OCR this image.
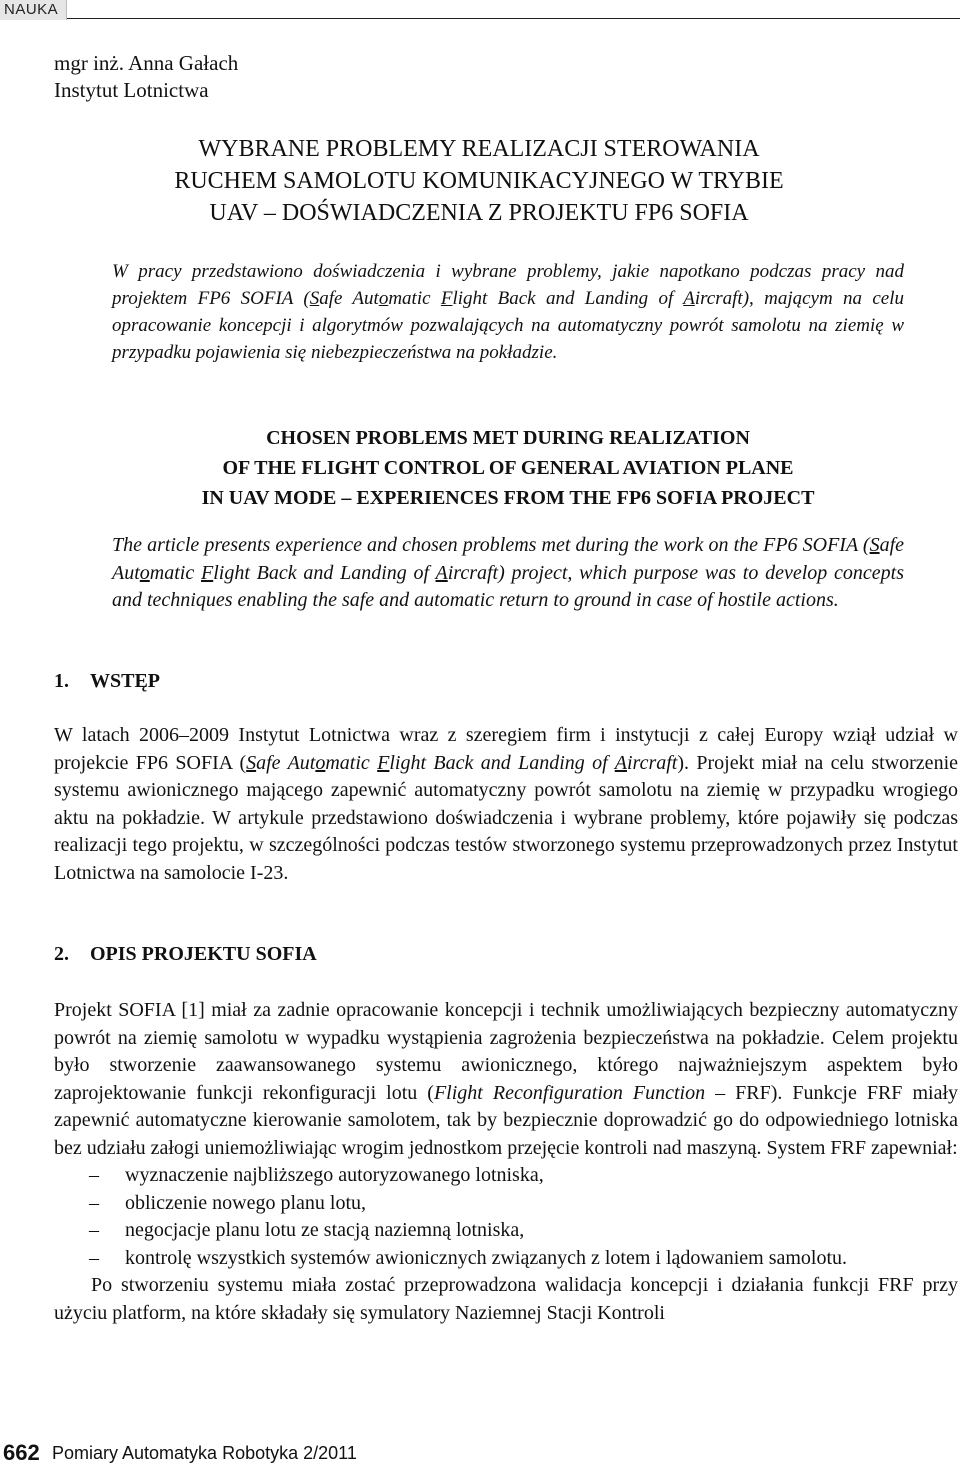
NAUKA
mgr inż. Anna Gałach
Instytut Lotnictwa
WYBRANE PROBLEMY REALIZACJI STEROWANIA
RUCHEM SAMOLOTU KOMUNIKACYJNEGO W TRYBIE
UAV – DOŚWIADCZENIA Z PROJEKTU FP6 SOFIA
W pracy przedstawiono doświadczenia i wybrane problemy, jakie napotkano podczas pracy nad projektem FP6 SOFIA (Safe Automatic Flight Back and Landing of Aircraft), mającym na celu opracowanie koncepcji i algorytmów pozwalających na automatyczny powrót samolotu na ziemię w przypadku pojawienia się niebezpieczeństwa na pokładzie.
CHOSEN PROBLEMS MET DURING REALIZATION
OF THE FLIGHT CONTROL OF GENERAL AVIATION PLANE
IN UAV MODE – EXPERIENCES FROM THE FP6 SOFIA PROJECT
The article presents experience and chosen problems met during the work on the FP6 SOFIA (Safe Automatic Flight Back and Landing of Aircraft) project, which purpose was to develop concepts and techniques enabling the safe and automatic return to ground in case of hostile actions.
1. WSTĘP
W latach 2006–2009 Instytut Lotnictwa wraz z szeregiem firm i instytucji z całej Europy wziął udział w projekcie FP6 SOFIA (Safe Automatic Flight Back and Landing of Aircraft). Projekt miał na celu stworzenie systemu awionicznego mającego zapewnić automatyczny powrót samolotu na ziemię w przypadku wrogiego aktu na pokładzie. W artykule przedstawiono doświadczenia i wybrane problemy, które pojawiły się podczas realizacji tego projektu, w szczególności podczas testów stworzonego systemu przeprowadzonych przez Instytut Lotnictwa na samolocie I-23.
2. OPIS PROJEKTU SOFIA

Projekt SOFIA [1] miał za zadnie opracowanie koncepcji i technik umożliwiających bezpieczny automatyczny powrót na ziemię samolotu w wypadku wystąpienia zagrożenia bezpieczeństwa na pokładzie. Celem projektu było stworzenie zaawansowanego systemu awionicznego, którego najważniejszym aspektem było zaprojektowanie funkcji rekonfiguracji lotu (Flight Reconfiguration Function – FRF). Funkcje FRF miały zapewnić automatyczne kierowanie samolotem, tak by bezpiecznie doprowadzić go do odpowiedniego lotniska bez udziału załogi uniemożliwiając wrogim jednostkom przejęcie kontroli nad maszyną. System FRF zapewniał:

– wyznaczenie najbliższego autoryzowanego lotniska,
– obliczenie nowego planu lotu,
– negocjacje planu lotu ze stacją naziemną lotniska,
– kontrolę wszystkich systemów awionicznych związanych z lotem i lądowaniem samolotu.

Po stworzeniu systemu miała zostać przeprowadzona walidacja koncepcji i działania funkcji FRF przy użyciu platform, na które składały się symulatory Naziemnej Stacji Kontroli

662 Pomiary Automatyka Robotyka 2/2011
